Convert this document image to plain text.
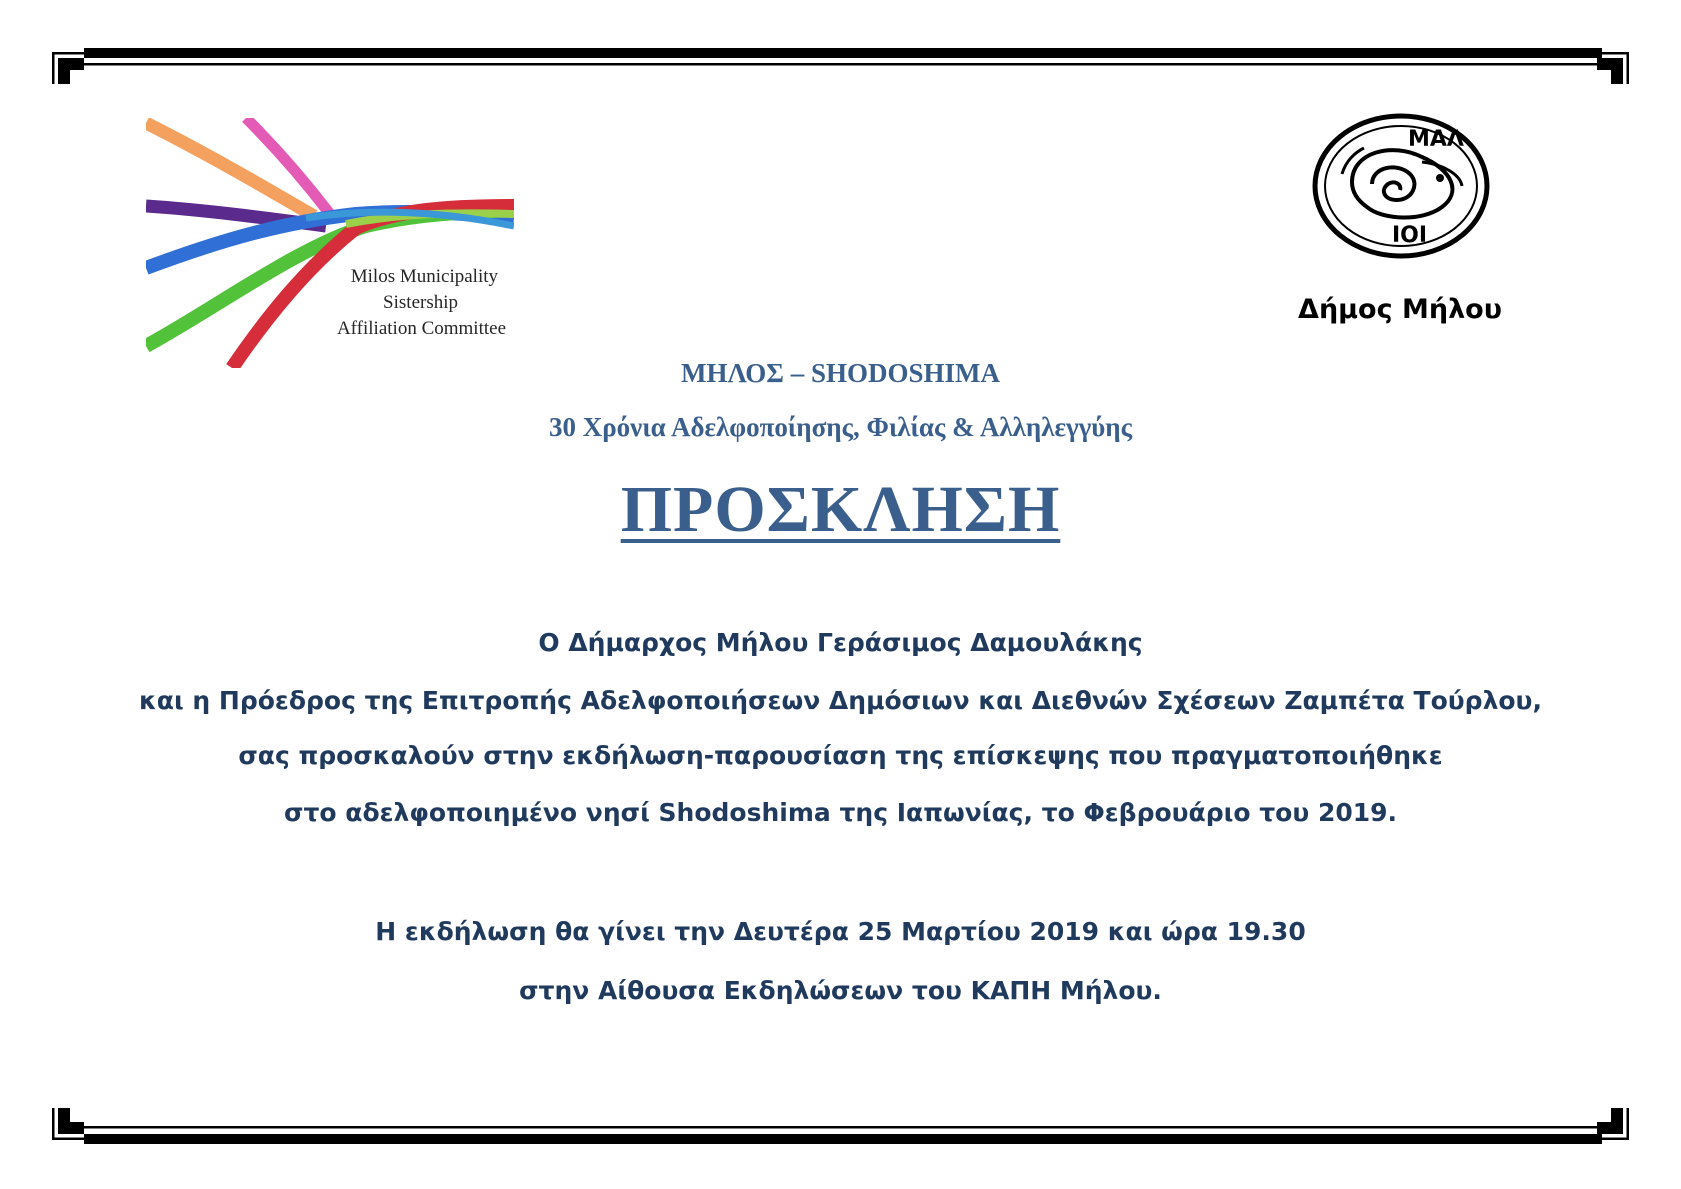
Milos Municipality
Sistership
Affiliation Committee
ΜΑΛ
ΙΟΙ
Δήμος Μήλου
ΜΗΛΟΣ – SHODOSHIMA
30 Χρόνια Αδελφοποίησης, Φιλίας & Αλληλεγγύης
ΠΡΟΣΚΛΗΣΗ
Ο Δήμαρχος Μήλου Γεράσιμος Δαμουλάκης
και η Πρόεδρος της Επιτροπής Αδελφοποιήσεων Δημόσιων και Διεθνών Σχέσεων Ζαμπέτα Τούρλου,
σας προσκαλούν στην εκδήλωση-παρουσίαση της επίσκεψης που πραγματοποιήθηκε
στο αδελφοποιημένο νησί Shodoshima της Ιαπωνίας, το Φεβρουάριο του 2019.
Η εκδήλωση θα γίνει την Δευτέρα 25 Μαρτίου 2019 και ώρα 19.30
στην Αίθουσα Εκδηλώσεων του ΚΑΠΗ Μήλου.
